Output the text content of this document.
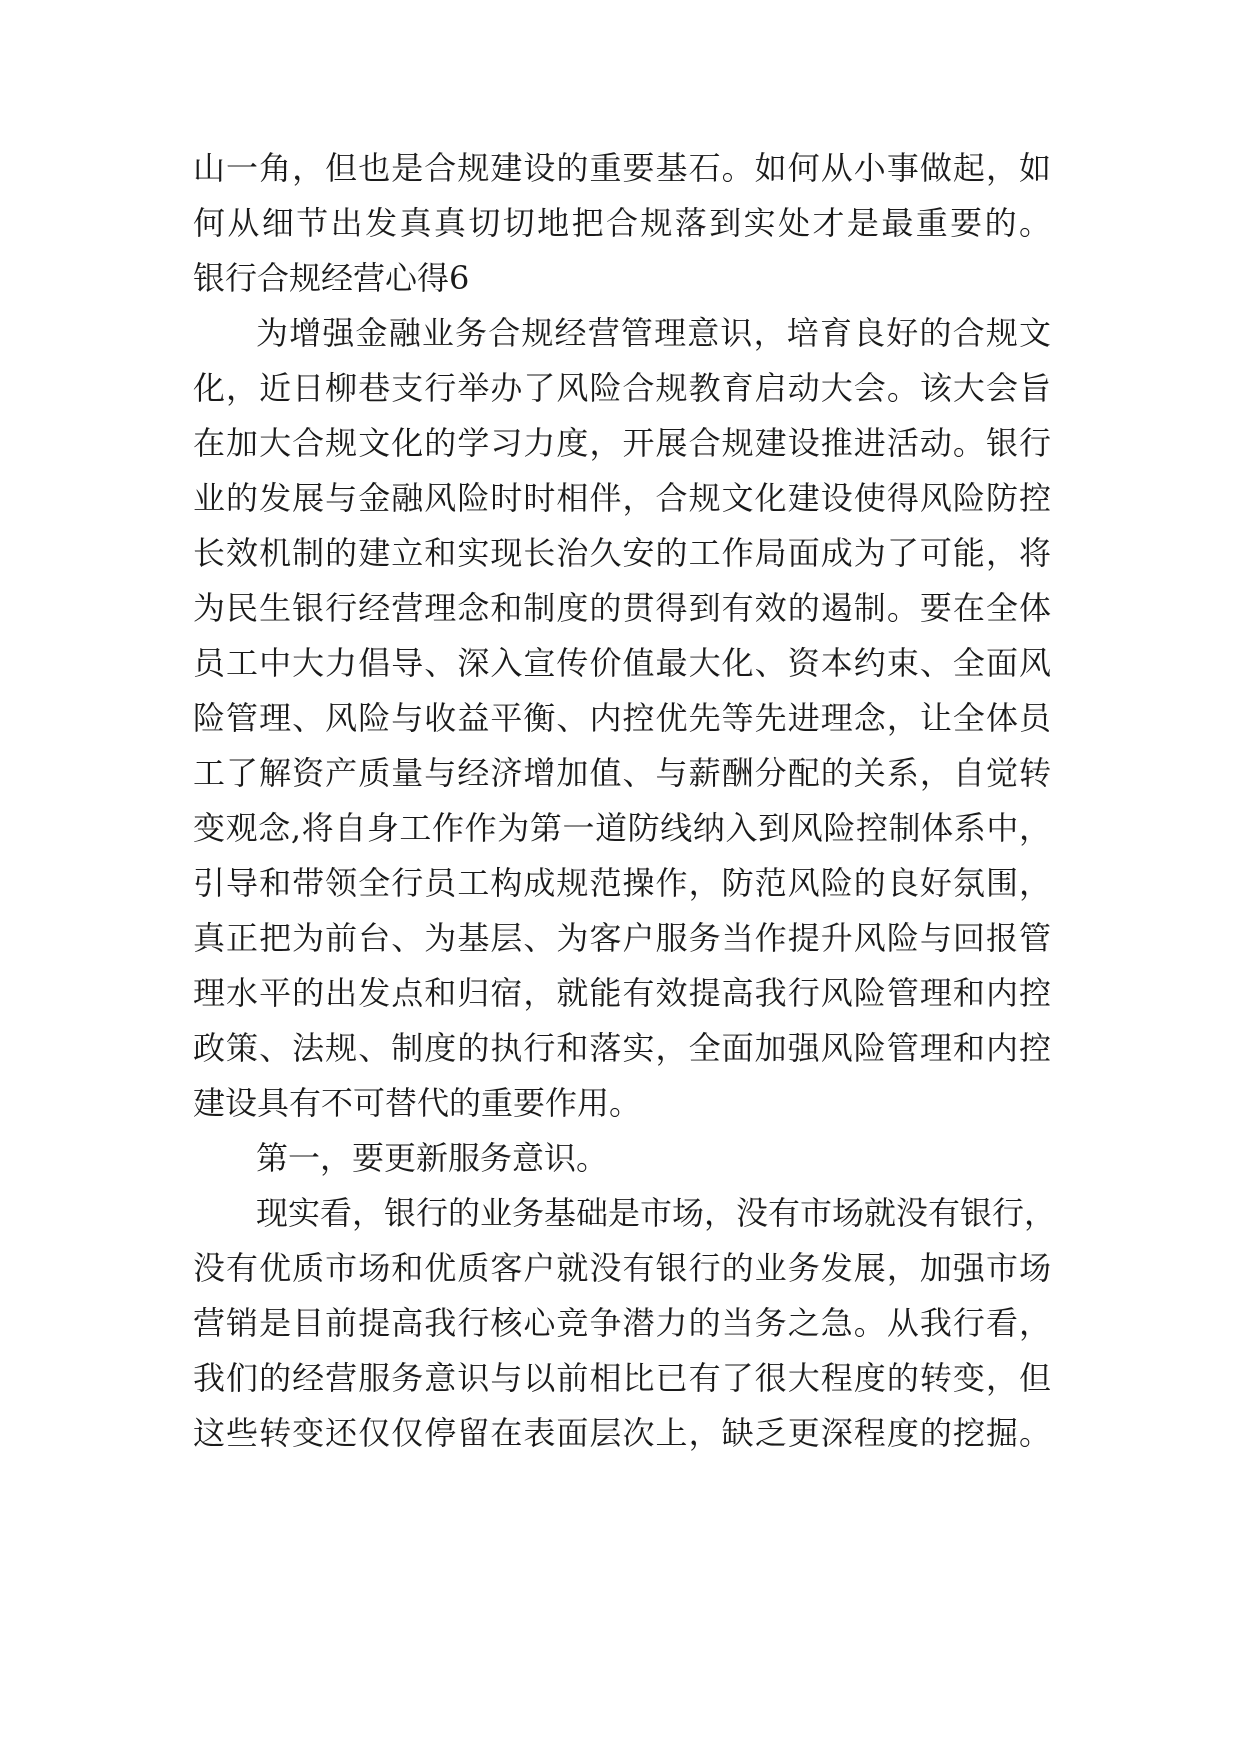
山一角，但也是合规建设的重要基石。如何从小事做起，如

何从细节出发真真切切地把合规落到实处才是最重要的。

银行合规经营心得6

为增强金融业务合规经营管理意识，培育良好的合规文

化，近日柳巷支行举办了风险合规教育启动大会。该大会旨

在加大合规文化的学习力度，开展合规建设推进活动。银行

业的发展与金融风险时时相伴，合规文化建设使得风险防控

长效机制的建立和实现长治久安的工作局面成为了可能，将

为民生银行经营理念和制度的贯得到有效的遏制。要在全体

员工中大力倡导、深入宣传价值最大化、资本约束、全面风

险管理、风险与收益平衡、内控优先等先进理念，让全体员

工了解资产质量与经济增加值、与薪酬分配的关系，自觉转

变观念,将自身工作作为第一道防线纳入到风险控制体系中，

引导和带领全行员工构成规范操作，防范风险的良好氛围，

真正把为前台、为基层、为客户服务当作提升风险与回报管

理水平的出发点和归宿，就能有效提高我行风险管理和内控

政策、法规、制度的执行和落实，全面加强风险管理和内控

建设具有不可替代的重要作用。

第一，要更新服务意识。

现实看，银行的业务基础是市场，没有市场就没有银行，

没有优质市场和优质客户就没有银行的业务发展，加强市场

营销是目前提高我行核心竞争潜力的当务之急。从我行看，

我们的经营服务意识与以前相比已有了很大程度的转变，但

这些转变还仅仅停留在表面层次上，缺乏更深程度的挖掘。
